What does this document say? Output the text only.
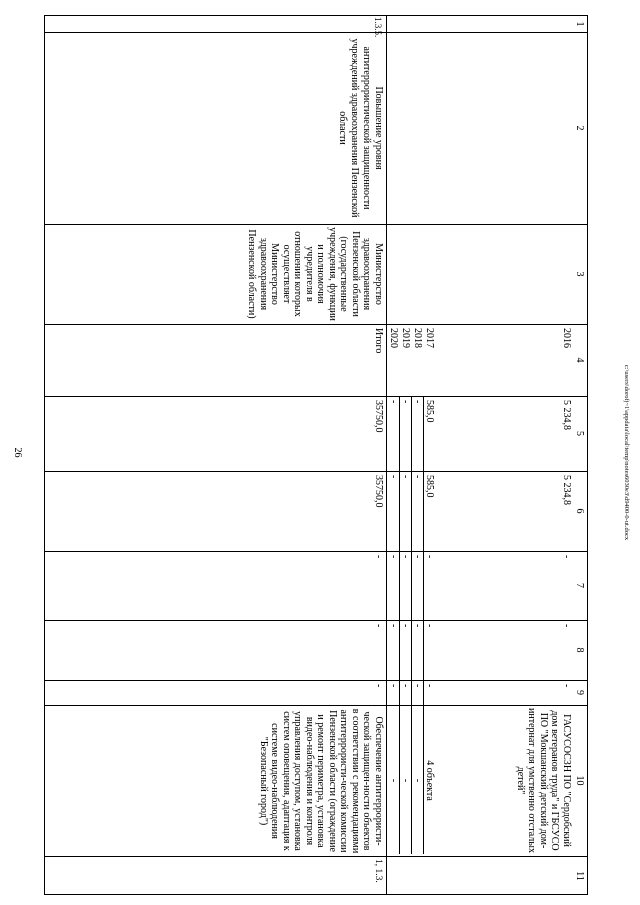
26	c:\users\dorofj~1\appdata\local\temp\notes6030e3\d9400-0-ut.docx
1
2
3
4
5
6
7
8
9
10
11
2016
5 234,8
5 234,8
-
-
-
ГАСУСОСЗН ПО "Сердобский дом ветеранов труда" и ГБСУСО ПО "Мокшанский детский дом-интернат для умственно отсталых детей"
2017
585,0
585,0
-
-
-
4 объекта
2018
-
-
-
-
-
-
2019
-
-
-
-
-
-
2020
-
-
-
-
-
-
1.3.5.
Повышение уровня антитеррористической защищенности учреждений здравоохранения Пензенской области
Министерство здравоохранения Пензенской области (государственные учреждения, функции и полномочия учредителя в отношении которых осуществляет Министерство здравоохранения Пензенской области)
Итого
35750,0
35750,0
-
-
-
Обеспечение антитеррористи-ческой защищен-ности объектов в соответствии с рекомендациями антитеррористи-ческой комиссии Пензенской области (ограждение и ремонт периметра, установка видео-наблюдения и контроля управления доступом, установка систем оповещения, адаптация к системе видео-наблюдения "Безопасный город")
1, 1.3.
